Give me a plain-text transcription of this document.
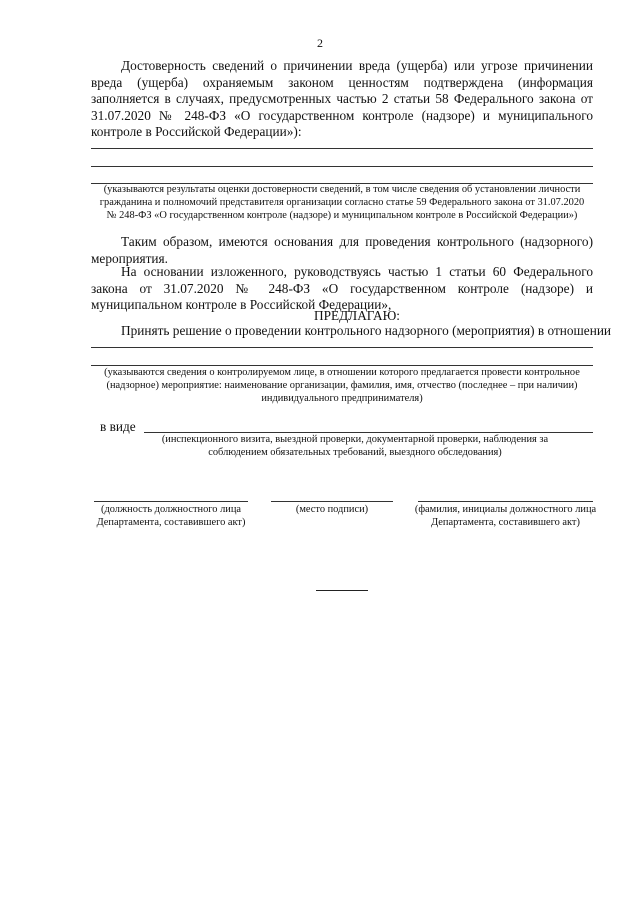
2
Достоверность сведений о причинении вреда (ущерба) или угрозе причинении вреда (ущерба) охраняемым законом ценностям подтверждена (информация заполняется в случаях, предусмотренных частью 2 статьи 58 Федерального закона от 31.07.2020 № 248-ФЗ «О государственном контроле (надзоре) и муниципального контроле в Российской Федерации»):
(указываются результаты оценки достоверности сведений, в том числе сведения об установлении личности гражданина и полномочий представителя организации согласно статье 59 Федерального закона от 31.07.2020 № 248-ФЗ «О государственном контроле (надзоре) и муниципальном контроле в Российской Федерации»)
Таким образом, имеются основания для проведения контрольного (надзорного) мероприятия.
На основании изложенного, руководствуясь частью 1 статьи 60 Федерального закона от 31.07.2020 № 248-ФЗ «О государственном контроле (надзоре) и муниципальном контроле в Российской Федерации»,
ПРЕДЛАГАЮ:
Принять решение о проведении контрольного надзорного (мероприятия) в отношении
(указываются сведения о контролируемом лице, в отношении которого предлагается провести контрольное (надзорное) мероприятие: наименование организации, фамилия, имя, отчество (последнее – при наличии) индивидуального предпринимателя)
в виде
(инспекционного визита, выездной проверки, документарной проверки, наблюдения за соблюдением обязательных требований, выездного обследования)
(должность должностного лица Департамента, составившего акт)
(место подписи)	(фамилия, инициалы должностного лица Департамента, составившего акт)
